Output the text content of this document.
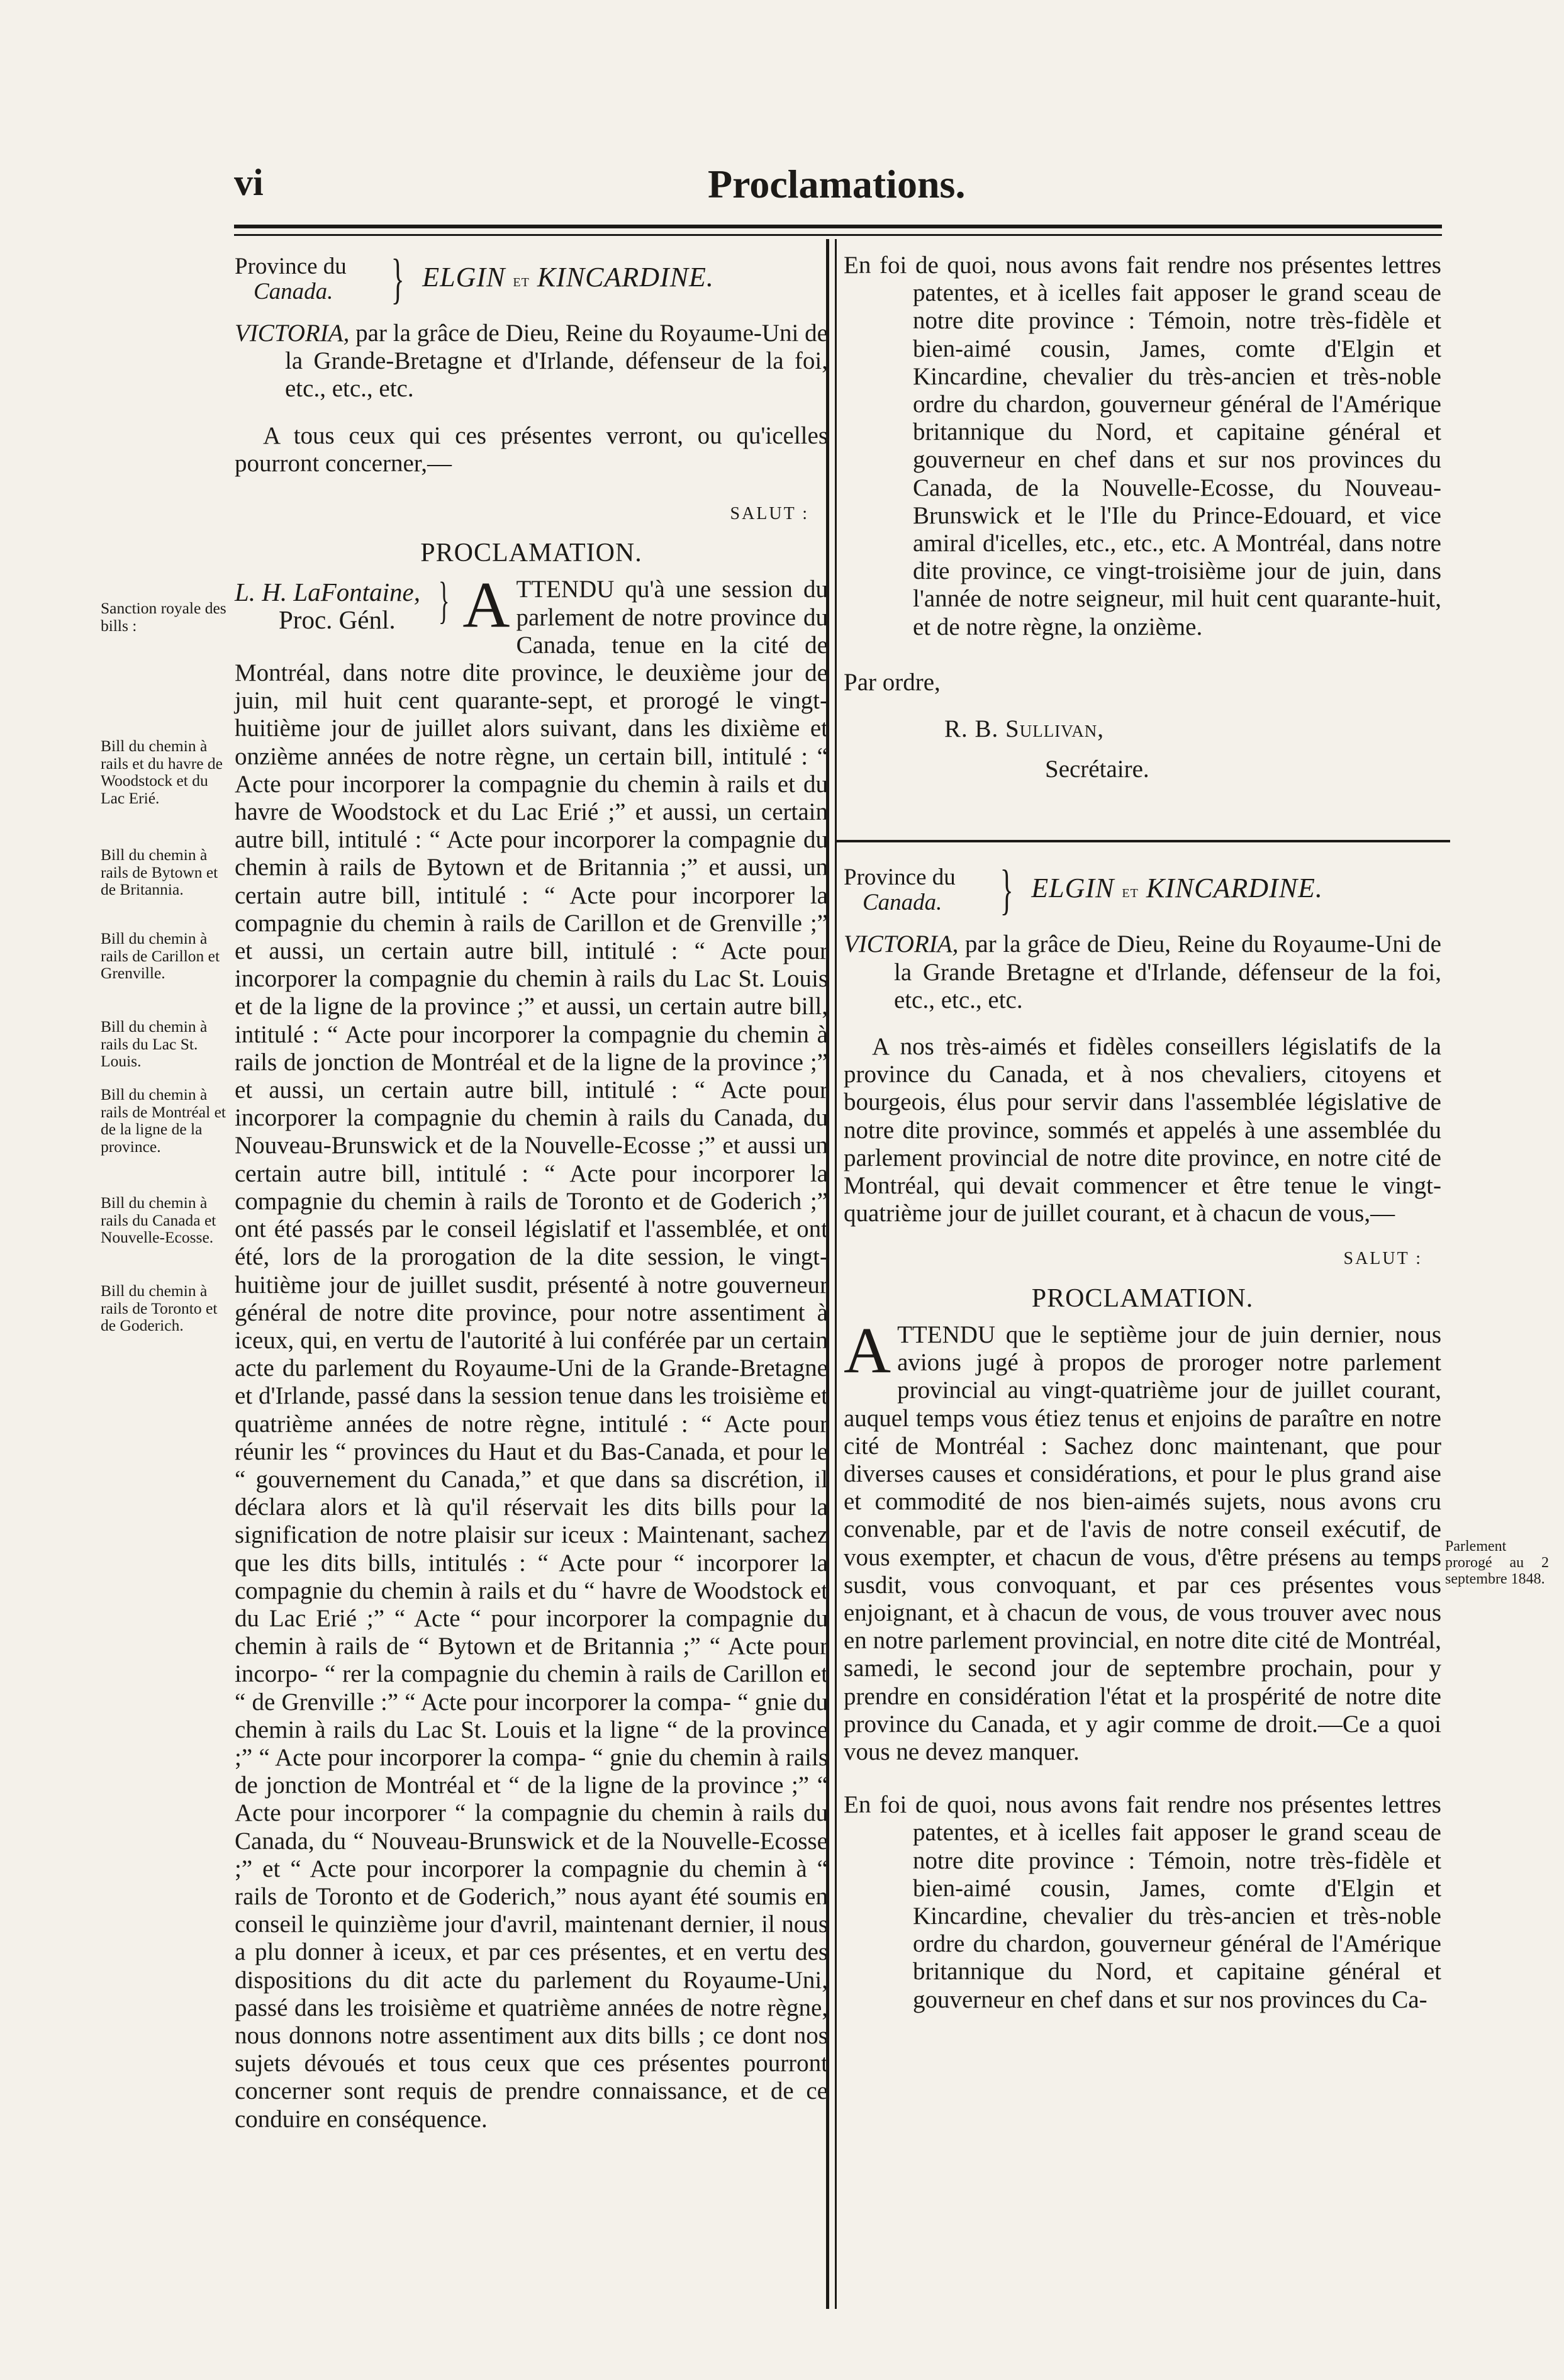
vi	Proclamations.
Sanction royale des bills :
Bill du chemin à rails et du havre de Woodstock et du Lac Erié.
Bill du chemin à rails de Bytown et de Britannia.
Bill du chemin à rails de Carillon et Grenville.
Bill du chemin à rails du Lac St. Louis.
Bill du chemin à rails de Montréal et de la ligne de la province.
Bill du chemin à rails du Canada et Nouvelle-Ecosse.
Bill du chemin à rails de Toronto et de Goderich.

Parlement prorogé au 2 septembre 1848.

Province du
Canada.	} ELGIN et KINCARDINE.

VICTORIA, par la grâce de Dieu, Reine du Royaume-Uni de la Grande-Bretagne et d'Irlande, défenseur de la foi, etc., etc., etc.

A tous ceux qui ces présentes verront, ou qu'icelles pourront concerner,—

SALUT :

PROCLAMATION.
L. H. LaFontaine,
Proc. Génl. } A TTENDU qu'à une session du parlement de notre province du Canada, tenue en la cité de Montréal, dans notre dite province, le deuxième jour de juin, mil huit cent quarante-sept, et prorogé le vingt-huitième jour de juillet alors suivant, dans les dixième et onzième années de notre règne, un certain bill, intitulé : “ Acte pour incorporer la compagnie du chemin à rails et du havre de Woodstock et du Lac Erié ;” et aussi, un certain autre bill, intitulé : “ Acte pour incorporer la compagnie du chemin à rails de Bytown et de Britannia ;” et aussi, un certain autre bill, intitulé : “ Acte pour incorporer la compagnie du chemin à rails de Carillon et de Grenville ;” et aussi, un certain autre bill, intitulé : “ Acte pour incorporer la compagnie du chemin à rails du Lac St. Louis et de la ligne de la province ;” et aussi, un certain autre bill, intitulé : “ Acte pour incorporer la compagnie du chemin à rails de jonction de Montréal et de la ligne de la province ;” et aussi, un certain autre bill, intitulé : “ Acte pour incorporer la compagnie du chemin à rails du Canada, du Nouveau-Brunswick et de la Nouvelle-Ecosse ;” et aussi un certain autre bill, intitulé : “ Acte pour incorporer la compagnie du chemin à rails de Toronto et de Goderich ;” ont été passés par le conseil législatif et l'assemblée, et ont été, lors de la prorogation de la dite session, le vingt-huitième jour de juillet susdit, présenté à notre gouverneur général de notre dite province, pour notre assentiment à iceux, qui, en vertu de l'autorité à lui conférée par un certain acte du parlement du Royaume-Uni de la Grande-Bretagne et d'Irlande, passé dans la session tenue dans les troisième et quatrième années de notre règne, intitulé : “ Acte pour réunir les “ provinces du Haut et du Bas-Canada, et pour le “ gouvernement du Canada,” et que dans sa discrétion, il déclara alors et là qu'il réservait les dits bills pour la signification de notre plaisir sur iceux : Maintenant, sachez que les dits bills, intitulés : “ Acte pour “ incorporer la compagnie du chemin à rails et du “ havre de Woodstock et du Lac Erié ;” “ Acte “ pour incorporer la compagnie du chemin à rails de “ Bytown et de Britannia ;” “ Acte pour incorpo- “ rer la compagnie du chemin à rails de Carillon et “ de Grenville :” “ Acte pour incorporer la compa- “ gnie du chemin à rails du Lac St. Louis et la ligne “ de la province ;” “ Acte pour incorporer la compa- “ gnie du chemin à rails de jonction de Montréal et “ de la ligne de la province ;” “ Acte pour incorporer “ la compagnie du chemin à rails du Canada, du “ Nouveau-Brunswick et de la Nouvelle-Ecosse ;” et “ Acte pour incorporer la compagnie du chemin à “ rails de Toronto et de Goderich,” nous ayant été soumis en conseil le quinzième jour d'avril, maintenant dernier, il nous a plu donner à iceux, et par ces présentes, et en vertu des dispositions du dit acte du parlement du Royaume-Uni, passé dans les troisième et quatrième années de notre règne, nous donnons notre assentiment aux dits bills ; ce dont nos sujets dévoués et tous ceux que ces présentes pourront concerner sont requis de prendre connaissance, et de ce conduire en conséquence.

En foi de quoi, nous avons fait rendre nos présentes lettres patentes, et à icelles fait apposer le grand sceau de notre dite province : Témoin, notre très-fidèle et bien-aimé cousin, James, comte d'Elgin et Kincardine, chevalier du très-ancien et très-noble ordre du chardon, gouverneur général de l'Amérique britannique du Nord, et capitaine général et gouverneur en chef dans et sur nos provinces du Canada, de la Nouvelle-Ecosse, du Nouveau-Brunswick et le l'Ile du Prince-Edouard, et vice amiral d'icelles, etc., etc., etc. A Montréal, dans notre dite province, ce vingt-troisième jour de juin, dans l'année de notre seigneur, mil huit cent quarante-huit, et de notre règne, la onzième.

Par ordre,

R. B. Sullivan,

Secrétaire.

Province du
Canada.	} ELGIN et KINCARDINE.

VICTORIA, par la grâce de Dieu, Reine du Royaume-Uni de la Grande Bretagne et d'Irlande, défenseur de la foi, etc., etc., etc.

A nos très-aimés et fidèles conseillers législatifs de la province du Canada, et à nos chevaliers, citoyens et bourgeois, élus pour servir dans l'assemblée législative de notre dite province, sommés et appelés à une assemblée du parlement provincial de notre dite province, en notre cité de Montréal, qui devait commencer et être tenue le vingt-quatrième jour de juillet courant, et à chacun de vous,—

SALUT :

PROCLAMATION.
A TTENDU que le septième jour de juin dernier, nous avions jugé à propos de proroger notre parlement provincial au vingt-quatrième jour de juillet courant, auquel temps vous étiez tenus et enjoins de paraître en notre cité de Montréal : Sachez donc maintenant, que pour diverses causes et considérations, et pour le plus grand aise et commodité de nos bien-aimés sujets, nous avons cru convenable, par et de l'avis de notre conseil exécutif, de vous exempter, et chacun de vous, d'être présens au temps susdit, vous convoquant, et par ces présentes vous enjoignant, et à chacun de vous, de vous trouver avec nous en notre parlement provincial, en notre dite cité de Montréal, samedi, le second jour de septembre prochain, pour y prendre en considération l'état et la prospérité de notre dite province du Canada, et y agir comme de droit.—Ce a quoi vous ne devez manquer.

En foi de quoi, nous avons fait rendre nos présentes lettres patentes, et à icelles fait apposer le grand sceau de notre dite province : Témoin, notre très-fidèle et bien-aimé cousin, James, comte d'Elgin et Kincardine, chevalier du très-ancien et très-noble ordre du chardon, gouverneur général de l'Amérique britannique du Nord, et capitaine général et gouverneur en chef dans et sur nos provinces du Ca-
